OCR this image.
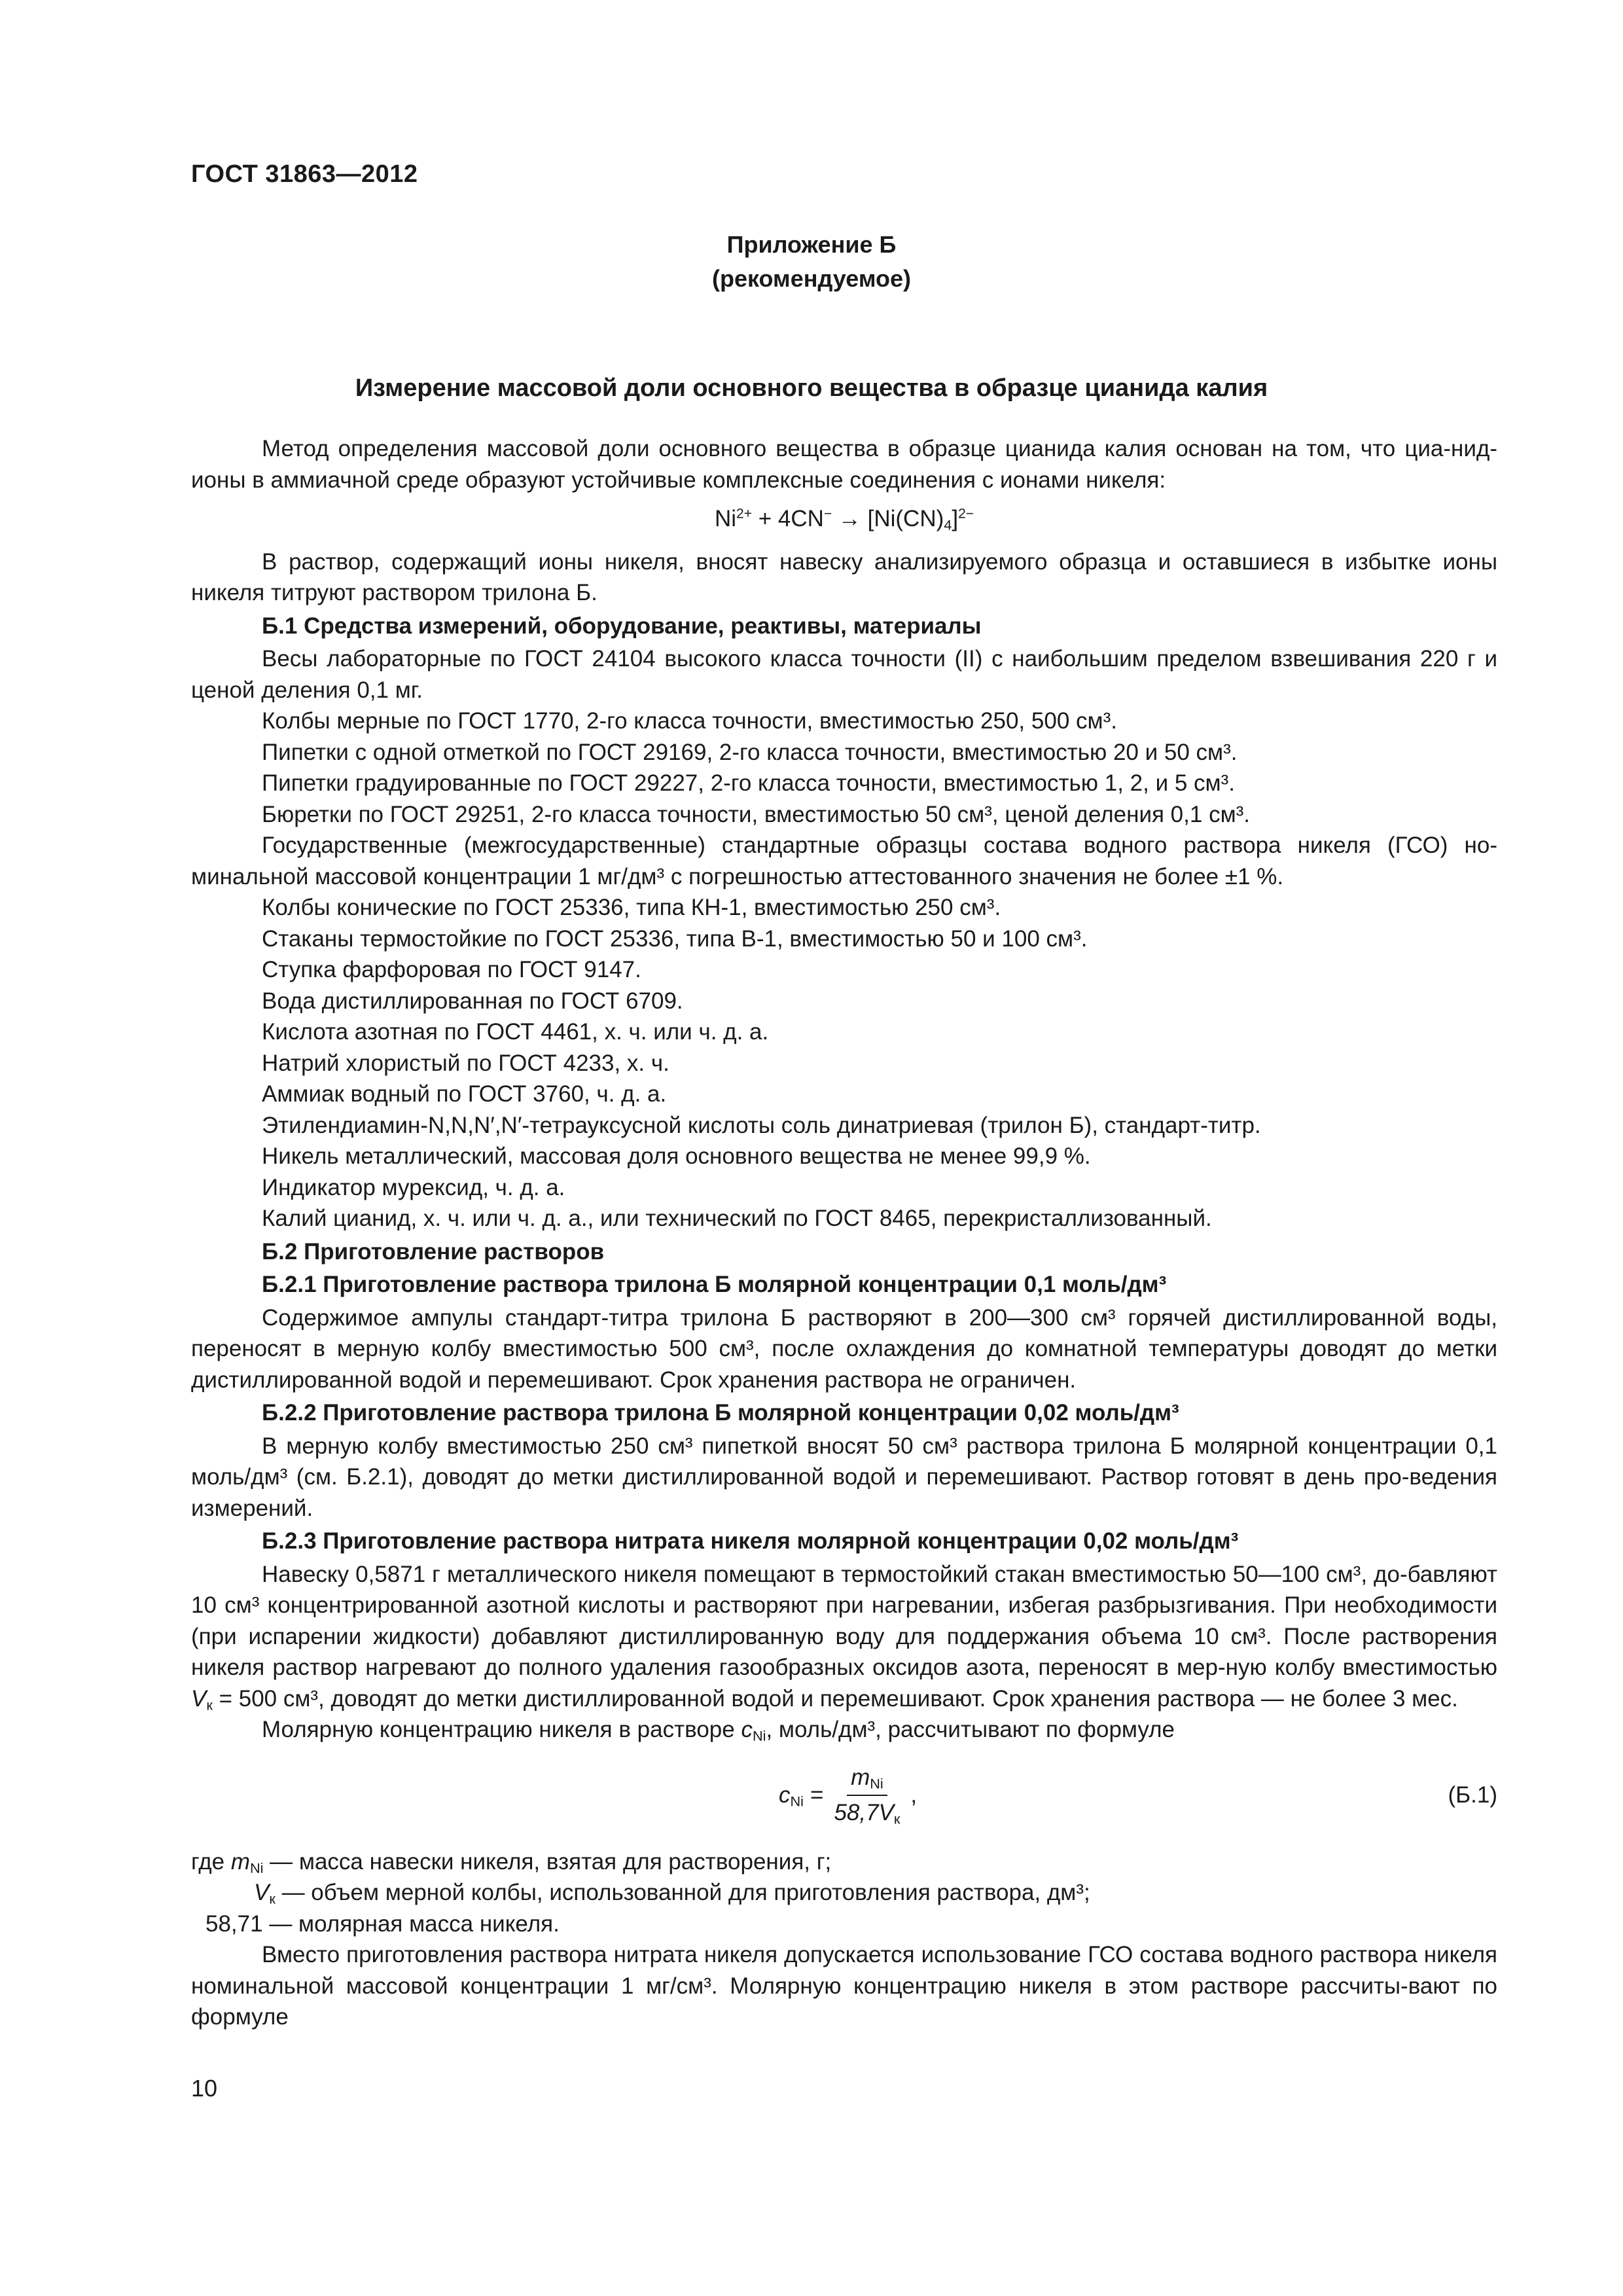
ГОСТ 31863—2012
Приложение Б
(рекомендуемое)
Измерение массовой доли основного вещества в образце цианида калия

Метод определения массовой доли основного вещества в образце цианида калия основан на том, что циа-нид-ионы в аммиачной среде образуют устойчивые комплексные соединения с ионами никеля:

$Ni^{2+} + 4CN^- \to [Ni(CN)_4]^{2-}$

В раствор, содержащий ионы никеля, вносят навеску анализируемого образца и оставшиеся в избытке ионы никеля титруют раствором трилона Б.

Б.1 Средства измерений, оборудование, реактивы, материалы

Весы лабораторные по ГОСТ 24104 высокого класса точности (II) с наибольшим пределом взвешивания 220 г и ценой деления 0,1 мг.

Колбы мерные по ГОСТ 1770, 2-го класса точности, вместимостью 250, 500 см³.

Пипетки с одной отметкой по ГОСТ 29169, 2-го класса точности, вместимостью 20 и 50 см³.

Пипетки градуированные по ГОСТ 29227, 2-го класса точности, вместимостью 1, 2, и 5 см³.

Бюретки по ГОСТ 29251, 2-го класса точности, вместимостью 50 см³, ценой деления 0,1 см³.

Государственные (межгосударственные) стандартные образцы состава водного раствора никеля (ГСО) но-минальной массовой концентрации 1 мг/дм³ с погрешностью аттестованного значения не более ±1 %.

Колбы конические по ГОСТ 25336, типа КН-1, вместимостью 250 см³.

Стаканы термостойкие по ГОСТ 25336, типа В-1, вместимостью 50 и 100 см³.

Ступка фарфоровая по ГОСТ 9147.

Вода дистиллированная по ГОСТ 6709.

Кислота азотная по ГОСТ 4461, х. ч. или ч. д. а.

Натрий хлористый по ГОСТ 4233, х. ч.

Аммиак водный по ГОСТ 3760, ч. д. а.

Этилендиамин-N,N,N′,N′-тетрауксусной кислоты соль динатриевая (трилон Б), стандарт-титр.

Никель металлический, массовая доля основного вещества не менее 99,9 %.

Индикатор мурексид, ч. д. а.

Калий цианид, х. ч. или ч. д. а., или технический по ГОСТ 8465, перекристаллизованный.

Б.2 Приготовление растворов

Б.2.1 Приготовление раствора трилона Б молярной концентрации 0,1 моль/дм³

Содержимое ампулы стандарт-титра трилона Б растворяют в 200—300 см³ горячей дистиллированной воды, переносят в мерную колбу вместимостью 500 см³, после охлаждения до комнатной температуры доводят до метки дистиллированной водой и перемешивают. Срок хранения раствора не ограничен.

Б.2.2 Приготовление раствора трилона Б молярной концентрации 0,02 моль/дм³

В мерную колбу вместимостью 250 см³ пипеткой вносят 50 см³ раствора трилона Б молярной концентрации 0,1 моль/дм³ (см. Б.2.1), доводят до метки дистиллированной водой и перемешивают. Раствор готовят в день про-ведения измерений.

Б.2.3 Приготовление раствора нитрата никеля молярной концентрации 0,02 моль/дм³

Навеску 0,5871 г металлического никеля помещают в термостойкий стакан вместимостью 50—100 см³, до-бавляют 10 см³ концентрированной азотной кислоты и растворяют при нагревании, избегая разбрызгивания. При необходимости (при испарении жидкости) добавляют дистиллированную воду для поддержания объема 10 см³. После растворения никеля раствор нагревают до полного удаления газообразных оксидов азота, переносят в мер-ную колбу вместимостью $V_к = 500$ см³, доводят до метки дистиллированной водой и перемешивают. Срок хранения раствора — не более 3 мес.

Молярную концентрацию никеля в растворе $c_{Ni}$, моль/дм³, рассчитывают по формуле

$c_{Ni} = \frac{m_{Ni}}{58,7V_к}$ ,	(Б.1)

где $m_{Ni}$ — масса навески никеля, взятая для растворения, г;

$V_к$ — объем мерной колбы, использованной для приготовления раствора, дм³;

58,71 — молярная масса никеля.

Вместо приготовления раствора нитрата никеля допускается использование ГСО состава водного раствора никеля номинальной массовой концентрации 1 мг/см³. Молярную концентрацию никеля в этом растворе рассчиты-вают по формуле

10
